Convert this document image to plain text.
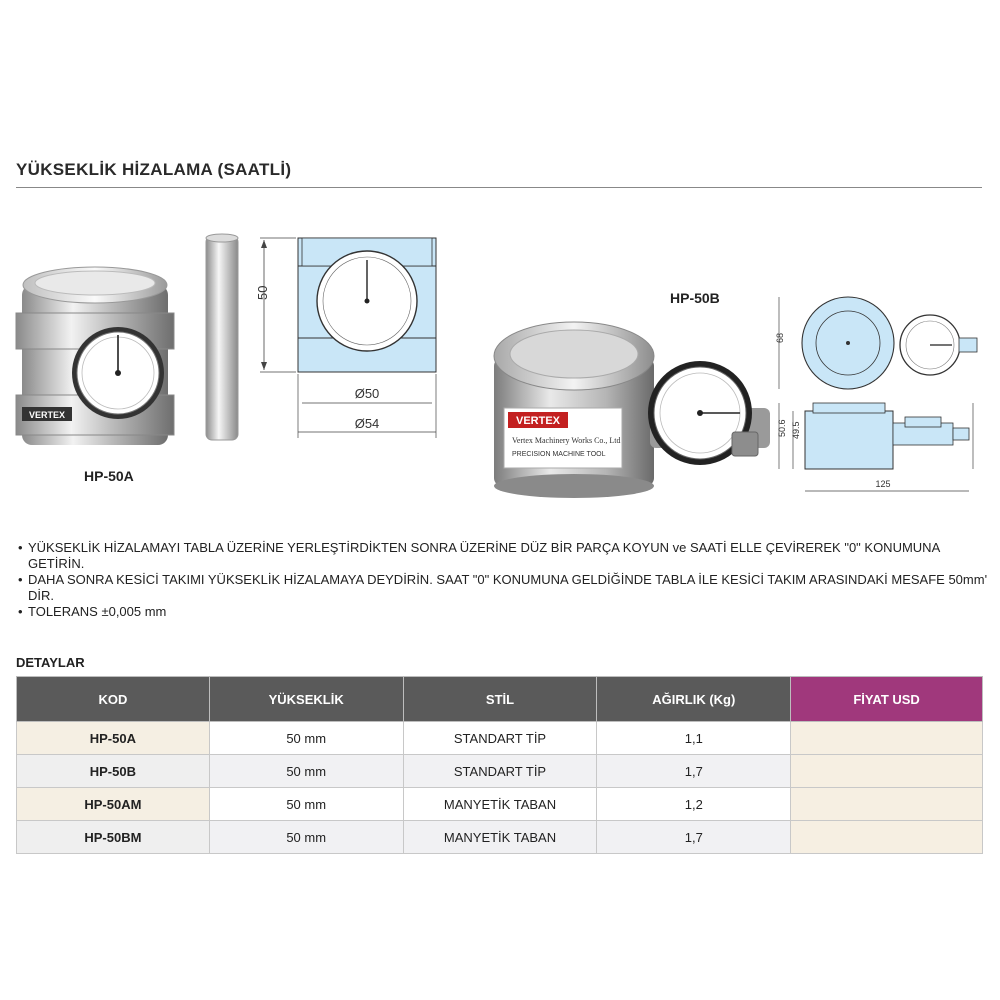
YÜKSEKLİK HİZALAMA (SAATLİ)
VERTEX
HP-50A
50
Ø50
Ø54
HP-50B
VERTEX
Vertex Machinery Works Co., Ltd
PRECISION MACHINE TOOL
68
50.6 49.5
125
• YÜKSEKLİK HİZALAMAYI TABLA ÜZERİNE YERLEŞTİRDİKTEN SONRA ÜZERİNE DÜZ BİR PARÇA KOYUN ve SAATİ ELLE ÇEVİREREK "0" KONUMUNA GETİRİN.
• DAHA SONRA KESİCİ TAKIMI YÜKSEKLİK HİZALAMAYA DEYDİRİN. SAAT "0" KONUMUNA GELDİĞİNDE TABLA İLE KESİCİ TAKIM ARASINDAKİ MESAFE 50mm' DİR.
• TOLERANS ±0,005 mm
DETAYLAR
KOD	YÜKSEKLİK	STİL	AĞIRLIK (Kg)	FİYAT USD
HP-50A	50 mm	STANDART TİP	1,1	
HP-50B	50 mm	STANDART TİP	1,7	
HP-50AM	50 mm	MANYETİK TABAN	1,2	
HP-50BM	50 mm	MANYETİK TABAN	1,7	
